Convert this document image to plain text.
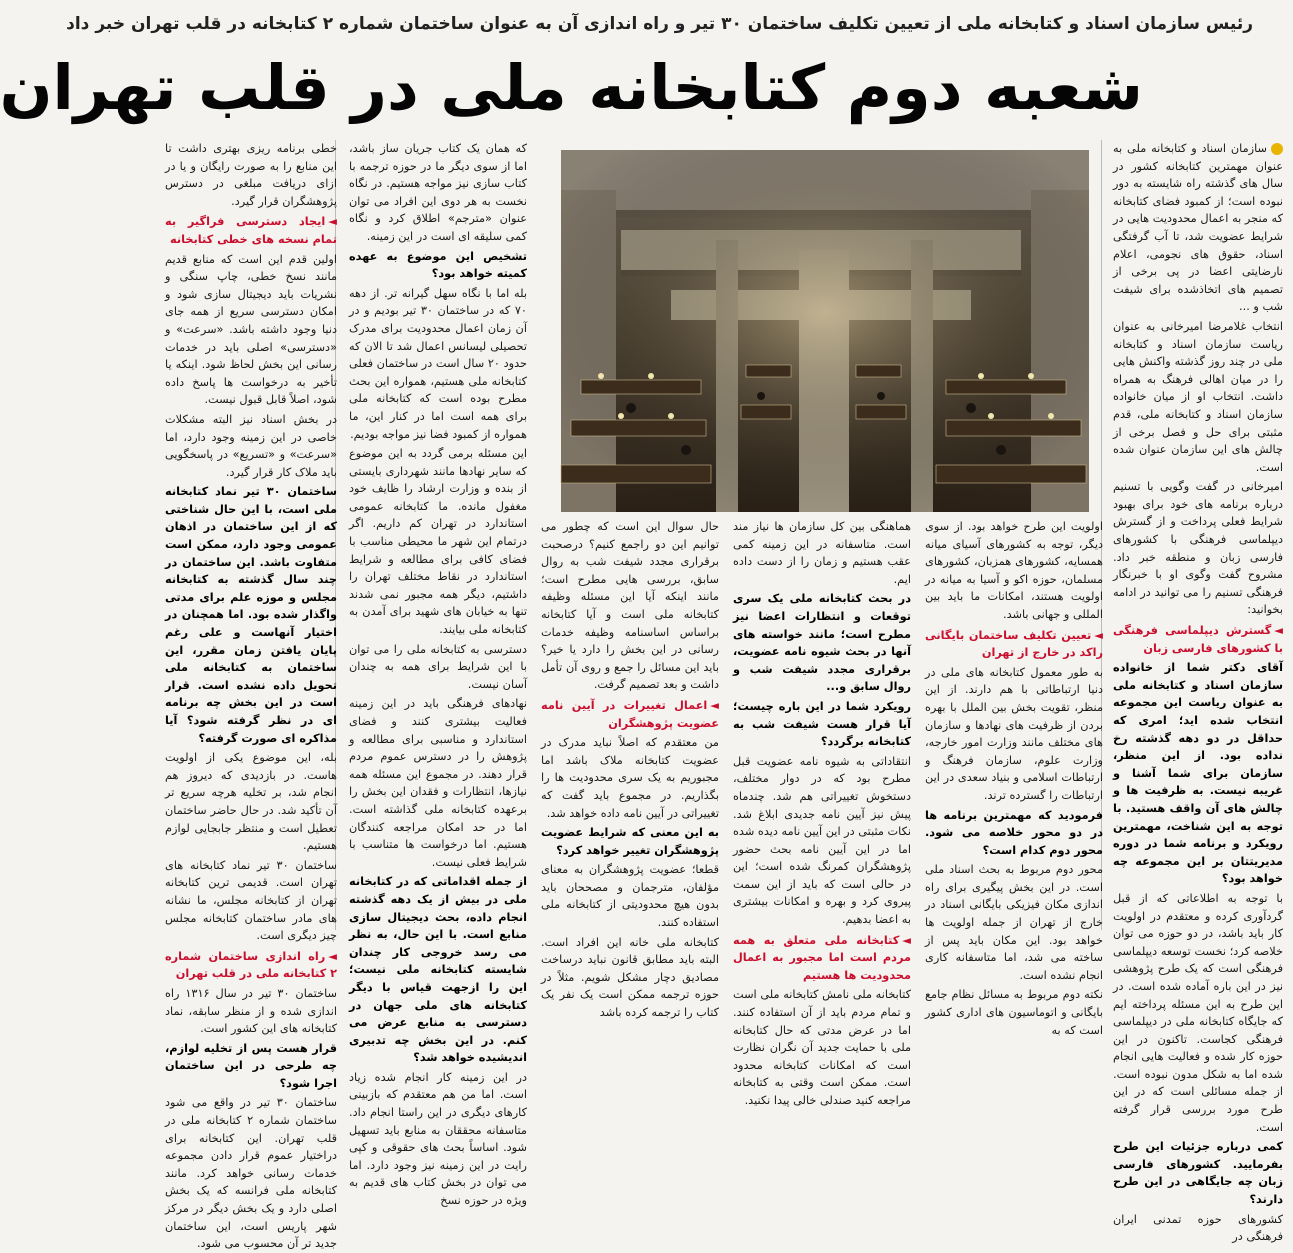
رئیس سازمان اسناد و کتابخانه ملی از تعیین تکلیف ساختمان ۳۰ تیر و راه اندازی آن به عنوان ساختمان شماره ۲ کتابخانه در قلب تهران خبر داد
شعبه دوم کتابخانه ملی در قلب تهران

سازمان اسناد و کتابخانه ملی به عنوان مهمترین کتابخانه کشور در سال های گذشته راه شایسته به دور نبوده است؛ از کمبود فضای کتابخانه که منجر به اعمال محدودیت هایی در شرایط عضویت شد، تا آب گرفتگی اسناد، حقوق های نجومی، اعلام نارضایتی اعضا در پی برخی از تصمیم های اتخاذشده برای شیفت شب و ...

انتخاب غلامرضا امیرخانی به عنوان ریاست سازمان اسناد و کتابخانه ملی در چند روز گذشته واکنش هایی را در میان اهالی فرهنگ به همراه داشت. انتخاب او از میان خانواده سازمان اسناد و کتابخانه ملی، قدم مثبتی برای حل و فصل برخی از چالش های این سازمان عنوان شده است.

امیرخانی در گفت وگویی با تسنیم درباره برنامه های خود برای بهبود شرایط فعلی پرداخت و از گسترش دیپلماسی فرهنگی با کشورهای فارسی زبان و منطقه خبر داد. مشروح گفت وگوی او با خبرنگار فرهنگی تسنیم را می توانید در ادامه بخوانید:

◄گسترش دیپلماسی فرهنگی با کشورهای فارسی زبان

آقای دکتر شما از خانواده سازمان اسناد و کتابخانه ملی به عنوان ریاست این مجموعه انتخاب شده اید؛ امری که حداقل در دو دهه گذشته رخ نداده بود. از این منظر، سازمان برای شما آشنا و غریبه نیست. به ظرفیت ها و چالش های آن واقف هستید. با توجه به این شناخت، مهمترین رویکرد و برنامه شما در دوره مدیریتتان بر این مجموعه چه خواهد بود؟

با توجه به اطلاعاتی که از قبل گردآوری کرده و معتقدم در اولویت کار باید باشد، در دو حوزه می توان خلاصه کرد؛ نخست توسعه دیپلماسی فرهنگی است که یک طرح پژوهشی نیز در این باره آماده شده است. در این طرح به این مسئله پرداخته ایم که جایگاه کتابخانه ملی در دیپلماسی فرهنگی کجاست. تاکنون در این حوزه کار شده و فعالیت هایی انجام شده اما به شکل مدون نبوده است. از جمله مسائلی است که در این طرح مورد بررسی قرار گرفته است.

کمی درباره جزئیات این طرح بفرمایید. کشورهای فارسی زبان چه جایگاهی در این طرح دارند؟

کشورهای حوزه تمدنی ایران فرهنگی در

اولویت این طرح خواهد بود. از سوی دیگر، توجه به کشورهای آسیای میانه همسایه، کشورهای همزبان، کشورهای مسلمان، حوزه اکو و آسیا به میانه در اولویت هستند، امکانات ما باید بین المللی و جهانی باشد.

◄تعیین تکلیف ساختمان بایگانی راکد در خارج از تهران

به طور معمول کتابخانه های ملی در دنیا ارتباطاتی با هم دارند. از این منظر، تقویت بخش بین الملل با بهره بردن از ظرفیت های نهادها و سازمان های مختلف مانند وزارت امور خارجه، وزارت علوم، سازمان فرهنگ و ارتباطات اسلامی و بنیاد سعدی در این ارتباطات را گسترده ترند.

فرمودید که مهمترین برنامه ها در دو محور خلاصه می شود. محور دوم کدام است؟

محور دوم مربوط به بحث اسناد ملی است. در این بخش پیگیری برای راه اندازی مکان فیزیکی بایگانی اسناد در خارج از تهران از جمله اولویت ها خواهد بود. این مکان باید پس از ساخته می شد، اما متاسفانه کاری انجام نشده است.

نکته دوم مربوط به مسائل نظام جامع بایگانی و اتوماسیون های اداری کشور است که به

هماهنگی بین کل سازمان ها نیاز مند است. متاسفانه در این زمینه کمی عقب هستیم و زمان را از دست داده ایم.

در بحث کتابخانه ملی یک سری توقعات و انتظارات اعضا نیز مطرح است؛ مانند خواسته های آنها در بحث شیوه نامه عضویت، برقراری مجدد شیفت شب و روال سابق و...

رویکرد شما در این باره چیست؛ آیا قرار هست شیفت شب به کتابخانه برگردد؟

انتقاداتی به شیوه نامه عضویت قبل مطرح بود که در دوار مختلف، دستخوش تغییراتی هم شد. چندماه پیش نیز آیین نامه جدیدی ابلاغ شد. نکات مثبتی در این آیین نامه دیده شده اما در این آیین نامه بحث حضور پژوهشگران کمرنگ شده است؛ این در حالی است که باید از این سمت پیروی کرد و بهره و امکانات بیشتری به اعضا بدهیم.

◄کتابخانه ملی متعلق به همه مردم است اما مجبور به اعمال محدودیت ها هستیم

کتابخانه ملی نامش کتابخانه ملی است و تمام مردم باید از آن استفاده کنند. اما در عرض مدتی که حال کتابخانه ملی با حمایت جدید آن نگران نظارت است که امکانات کتابخانه محدود است. ممکن است وقتی به کتابخانه مراجعه کنید صندلی خالی پیدا نکنید.

حال سوال این است که چطور می توانیم این دو راجمع کنیم؟ درصحبت برقراری مجدد شیفت شب به روال سابق، بررسی هایی مطرح است؛ مانند اینکه آیا این مسئله وظیفه کتابخانه ملی است و آیا کتابخانه براساس اساسنامه وظیفه خدمات رسانی در این بخش را دارد یا خیر؟ باید این مسائل را جمع و روی آن تأمل داشت و بعد تصمیم گرفت.

◄اعمال تغییرات در آیین نامه عضویت پژوهشگران

من معتقدم که اصلاً نباید مدرک در عضویت کتابخانه ملاک باشد اما مجبوریم به یک سری محدودیت ها را بگذاریم. در مجموع باید گفت که تغییراتی در آیین نامه داده خواهد شد.

به این معنی که شرایط عضویت پژوهشگران تغییر خواهد کرد؟

قطعا؛ عضویت پژوهشگران به معنای مؤلفان، مترجمان و مصححان باید بدون هیچ محدودیتی از کتابخانه ملی استفاده کنند.

کتابخانه ملی خانه این افراد است. البته باید مطابق قانون نباید درساخت مصادیق دچار مشکل شویم. مثلاً در حوزه ترجمه ممکن است یک نفر یک کتاب را ترجمه کرده باشد

که همان یک کتاب جریان ساز باشد، اما از سوی دیگر ما در حوزه ترجمه با کتاب سازی نیز مواجه هستیم. در نگاه نخست به هر دوی این افراد می توان عنوان «مترجم» اطلاق کرد و نگاه کمی سلیقه ای است در این زمینه.

تشخیص این موضوع به عهده کمیته خواهد بود؟

بله اما با نگاه سهل گیرانه تر. از دهه ۷۰ که در ساختمان ۳۰ تیر بودیم و در آن زمان اعمال محدودیت برای مدرک تحصیلی لیسانس اعمال شد تا الان که حدود ۲۰ سال است در ساختمان فعلی کتابخانه ملی هستیم، همواره این بحث مطرح بوده است که کتابخانه ملی برای همه است اما در کنار این، ما همواره از کمبود فضا نیز مواجه بودیم.

این مسئله برمی گردد به این موضوع که سایر نهادها مانند شهرداری بایستی از بنده و وزارت ارشاد را ظایف خود مغفول مانده. ما کتابخانه عمومی استاندارد در تهران کم داریم. اگر درتمام این شهر ما محیطی مناسب با فضای کافی برای مطالعه و شرایط استاندارد در نقاط مختلف تهران را داشتیم، دیگر همه مجبور نمی شدند تنها به خیابان های شهید برای آمدن به کتابخانه ملی بیایند.

دسترسی به کتابخانه ملی را می توان با این شرایط برای همه به چندان آسان نیست.

نهادهای فرهنگی باید در این زمینه فعالیت بیشتری کنند و فضای استاندارد و مناسبی برای مطالعه و پژوهش را در دسترس عموم مردم قرار دهند. در مجموع این مسئله همه نیازها، انتظارات و فقدان این بخش را برعهده کتابخانه ملی گذاشته است. اما در حد امکان مراجعه کنندگان هستیم. اما درخواست ها متناسب با شرایط فعلی نیست.

از جمله اقداماتی که در کتابخانه ملی در بیش از یک دهه گذشته انجام داده، بحث دیجیتال سازی منابع است. با این حال، به نظر می رسد خروجی کار چندان شایسته کتابخانه ملی نیست؛ این را ازجهت قیاس با دیگر کتابخانه های ملی جهان در دسترسی به منابع عرض می کنم. در این بخش چه تدبیری اندیشیده خواهد شد؟

در این زمینه کار انجام شده زیاد است. اما من هم معتقدم که بازبینی کارهای دیگری در این راستا انجام داد. متاسفانه محققان به منابع باید تسهیل شود. اساساً بحث های حقوقی و کپی رایت در این زمینه نیز وجود دارد. اما می توان در بخش کتاب های قدیم به ویژه در حوزه نسخ

خطی برنامه ریزی بهتری داشت تا این منابع را به صورت رایگان و یا در ازای دریافت مبلغی در دسترس پژوهشگران قرار گیرد.

◄ایجاد دسترسی فراگیر به تمام نسخه های خطی کتابخانه

اولین قدم این است که منابع قدیم مانند نسخ خطی، چاپ سنگی و نشریات باید دیجیتال سازی شود و امکان دسترسی سریع از همه جای دنیا وجود داشته باشد. «سرعت» و «دسترسی» اصلی باید در خدمات رسانی این بخش لحاظ شود. اینکه یا تأخیر به درخواست ها پاسخ داده شود، اصلاً قابل قبول نیست.

در بخش اسناد نیز البته مشکلات خاصی در این زمینه وجود دارد، اما «سرعت» و «تسریع» در پاسخگویی باید ملاک کار قرار گیرد.

ساختمان ۳۰ تیر نماد کتابخانه ملی است، با این حال شناختی که از این ساختمان در اذهان عمومی وجود دارد، ممکن است متفاوت باشد. این ساختمان در چند سال گذشته به کتابخانه مجلس و موزه علم برای مدتی واگذار شده بود. اما همچنان در اختیار آنهاست و علی رغم پایان یافتن زمان مقرر، این ساختمان به کتابخانه ملی تحویل داده نشده است. قرار است در این بخش چه برنامه ای در نظر گرفته شود؟ آیا مذاکره ای صورت گرفته؟

بله، این موضوع یکی از اولویت هاست. در بازدیدی که دیروز هم انجام شد، بر تخلیه هرچه سریع تر آن تأکید شد. در حال حاضر ساختمان تعطیل است و منتظر جابجایی لوازم هستیم.

ساختمان ۳۰ تیر نماد کتابخانه های تهران است. قدیمی ترین کتابخانه تهران از کتابخانه مجلس، ما نشانه های مادر ساختمان کتابخانه مجلس چیز دیگری است.

◄راه اندازی ساختمان شماره ۲ کتابخانه ملی در قلب تهران

ساختمان ۳۰ تیر در سال ۱۳۱۶ راه اندازی شده و از منظر سابقه، نماد کتابخانه های این کشور است.

قرار هست پس از تخلیه لوازم، چه طرحی در این ساختمان اجرا شود؟

ساختمان ۳۰ تیر در واقع می شود ساختمان شماره ۲ کتابخانه ملی در قلب تهران. این کتابخانه برای دراختیار عموم قرار دادن مجموعه خدمات رسانی خواهد کرد. مانند کتابخانه ملی فرانسه که یک بخش اصلی دارد و یک بخش دیگر در مرکز شهر پاریس است، این ساختمان جدید تر آن محسوب می شود.
